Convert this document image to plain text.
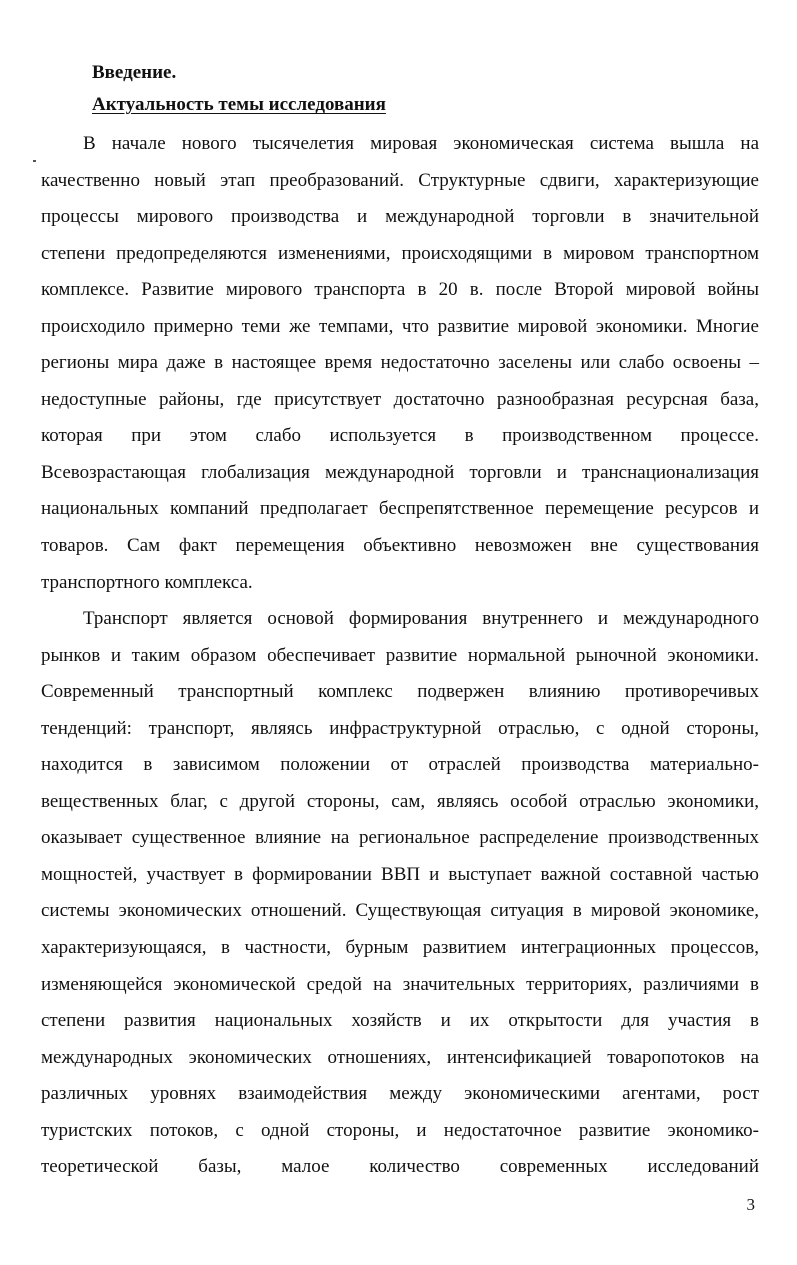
Введение.
Актуальность темы исследования
В начале нового тысячелетия мировая экономическая система вышла на
качественно новый этап преобразований. Структурные сдвиги, характеризующие
процессы мирового производства и международной торговли в значительной
степени предопределяются изменениями, происходящими в мировом транспортном
комплексе. Развитие мирового транспорта в 20 в. после Второй мировой войны
происходило примерно теми же темпами, что развитие мировой экономики. Многие
регионы мира даже в настоящее время недостаточно заселены или слабо освоены –
недоступные районы, где присутствует достаточно разнообразная ресурсная база,
которая при этом слабо используется в производственном процессе.
Всевозрастающая глобализация международной торговли и транснационализация
национальных компаний предполагает беспрепятственное перемещение ресурсов и
товаров. Сам факт перемещения объективно невозможен вне существования
транспортного комплекса.
Транспорт является основой формирования внутреннего и международного
рынков и таким образом обеспечивает развитие нормальной рыночной экономики.
Современный транспортный комплекс подвержен влиянию противоречивых
тенденций: транспорт, являясь инфраструктурной отраслью, с одной стороны,
находится в зависимом положении от отраслей производства материально-
вещественных благ, с другой стороны, сам, являясь особой отраслью экономики,
оказывает существенное влияние на региональное распределение производственных
мощностей, участвует в формировании ВВП и выступает важной составной частью
системы экономических отношений. Существующая ситуация в мировой экономике,
характеризующаяся, в частности, бурным развитием интеграционных процессов,
изменяющейся экономической средой на значительных территориях, различиями в
степени развития национальных хозяйств и их открытости для участия в
международных экономических отношениях, интенсификацией товаропотоков на
различных уровнях взаимодействия между экономическими агентами, рост
туристских потоков, с одной стороны, и недостаточное развитие экономико-
теоретической базы, малое количество современных исследований
3
